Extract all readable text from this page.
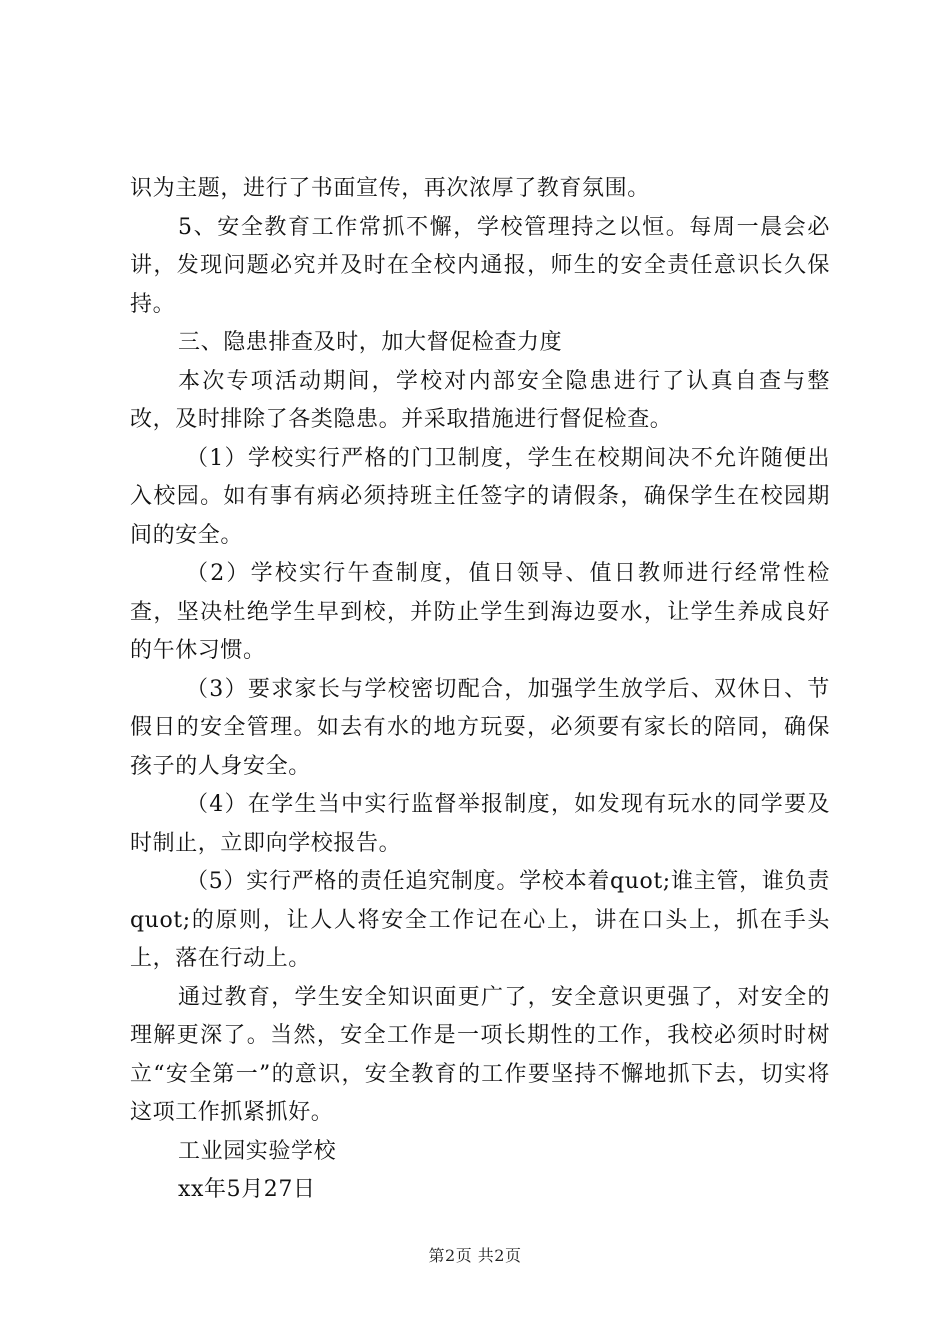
识为主题，进行了书面宣传，再次浓厚了教育氛围。

5、安全教育工作常抓不懈，学校管理持之以恒。每周一晨会必讲，发现问题必究并及时在全校内通报，师生的安全责任意识长久保持。

三、隐患排查及时，加大督促检查力度

本次专项活动期间，学校对内部安全隐患进行了认真自查与整改，及时排除了各类隐患。并采取措施进行督促检查。

（1）学校实行严格的门卫制度，学生在校期间决不允许随便出入校园。如有事有病必须持班主任签字的请假条，确保学生在校园期间的安全。

（2）学校实行午查制度，值日领导、值日教师进行经常性检查，坚决杜绝学生早到校，并防止学生到海边耍水，让学生养成良好的午休习惯。

（3）要求家长与学校密切配合，加强学生放学后、双休日、节假日的安全管理。如去有水的地方玩耍，必须要有家长的陪同，确保孩子的人身安全。

（4）在学生当中实行监督举报制度，如发现有玩水的同学要及时制止，立即向学校报告。

（5）实行严格的责任追究制度。学校本着quot;谁主管，谁负责quot;的原则，让人人将安全工作记在心上，讲在口头上，抓在手头上，落在行动上。

通过教育，学生安全知识面更广了，安全意识更强了，对安全的理解更深了。当然，安全工作是一项长期性的工作，我校必须时时树立“安全第一”的意识，安全教育的工作要坚持不懈地抓下去，切实将这项工作抓紧抓好。

工业园实验学校

xx年5月27日

第2页 共2页
